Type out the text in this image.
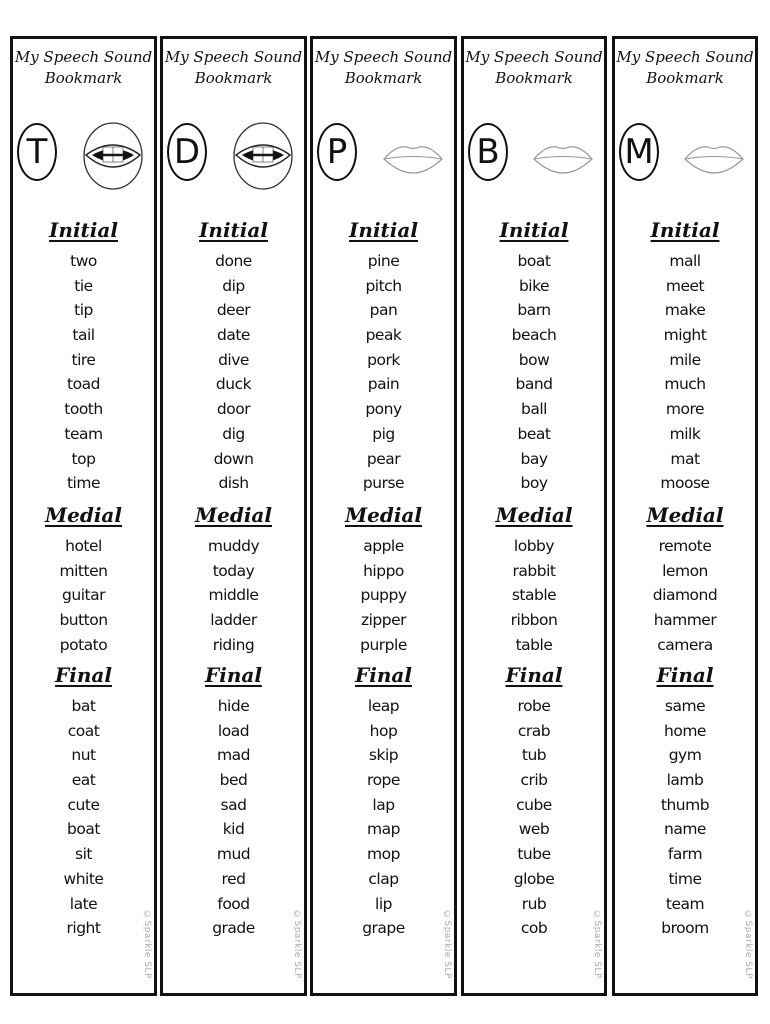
My Speech Sound Bookmark
T
Initial
two
tie
tip
tail
tire
toad
tooth
team
top
time
Medial
hotel
mitten
guitar
button
potato
Final
bat
coat
nut
eat
cute
boat
sit
white
late
right	©Sparkle SLP
My Speech Sound Bookmark
D
Initial
done
dip
deer
date
dive
duck
door
dig
down
dish
Medial
muddy
today
middle
ladder
riding
Final
hide
load
mad
bed
sad
kid
mud
red
food
grade	©Sparkle SLP
My Speech Sound Bookmark
P
Initial
pine
pitch
pan
peak
pork
pain
pony
pig
pear
purse
Medial
apple
hippo
puppy
zipper
purple
Final
leap
hop
skip
rope
lap
map
mop
clap
lip
grape	©Sparkle SLP
My Speech Sound Bookmark
B
Initial
boat
bike
barn
beach
bow
band
ball
beat
bay
boy
Medial
lobby
rabbit
stable
ribbon
table
Final
robe
crab
tub
crib
cube
web
tube
globe
rub
cob	©Sparkle SLP
My Speech Sound Bookmark
M
Initial
mall
meet
make
might
mile
much
more
milk
mat
moose
Medial
remote
lemon
diamond
hammer
camera
Final
same
home
gym
lamb
thumb
name
farm
time
team
broom	©Sparkle SLP
